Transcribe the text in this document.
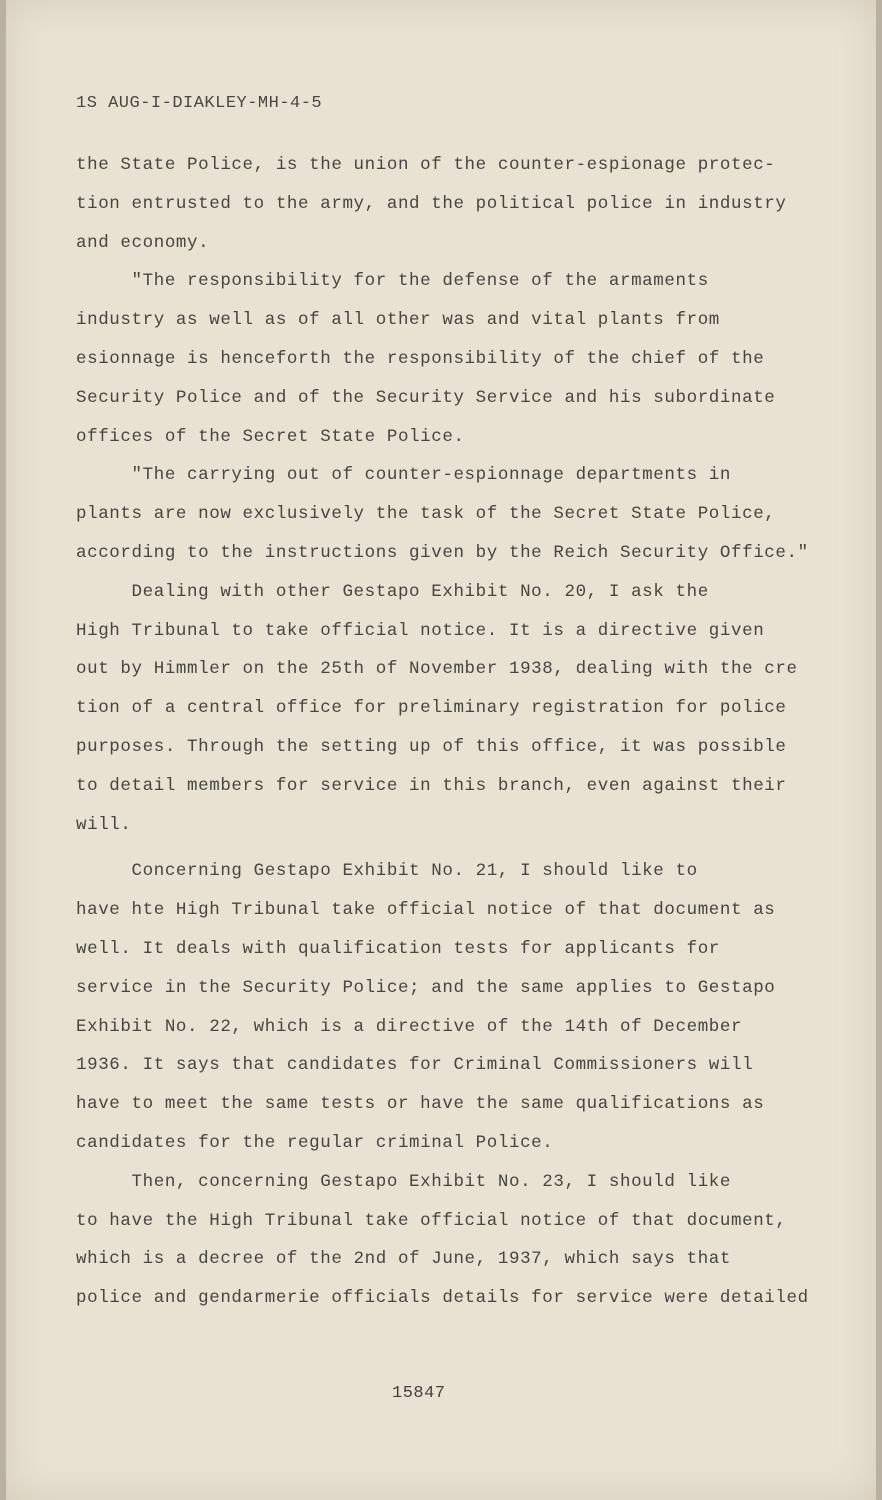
1S AUG-I-DIAKLEY-MH-4-5
the State Police, is the union of the counter-espionage protec-
tion entrusted to the army, and the political police in industry
and economy.
"The responsibility for the defense of the armaments
industry as well as of all other was and vital plants from
esionnage is henceforth the responsibility of the chief of the
Security Police and of the Security Service and his subordinate
offices of the Secret State Police.
"The carrying out of counter-espionnage departments in
plants are now exclusively the task of the Secret State Police,
according to the instructions given by the Reich Security Office."
Dealing with other Gestapo Exhibit No. 20, I ask the
High Tribunal to take official notice. It is a directive given
out by Himmler on the 25th of November 1938, dealing with the cre
tion of a central office for preliminary registration for police
purposes. Through the setting up of this office, it was possible
to detail members for service in this branch, even against their
will.
Concerning Gestapo Exhibit No. 21, I should like to
have hte High Tribunal take official notice of that document as
well. It deals with qualification tests for applicants for
service in the Security Police; and the same applies to Gestapo
Exhibit No. 22, which is a directive of the 14th of December
1936. It says that candidates for Criminal Commissioners will
have to meet the same tests or have the same qualifications as
candidates for the regular criminal Police.
Then, concerning Gestapo Exhibit No. 23, I should like
to have the High Tribunal take official notice of that document,
which is a decree of the 2nd of June, 1937, which says that
police and gendarmerie officials details for service were detailed
15847
